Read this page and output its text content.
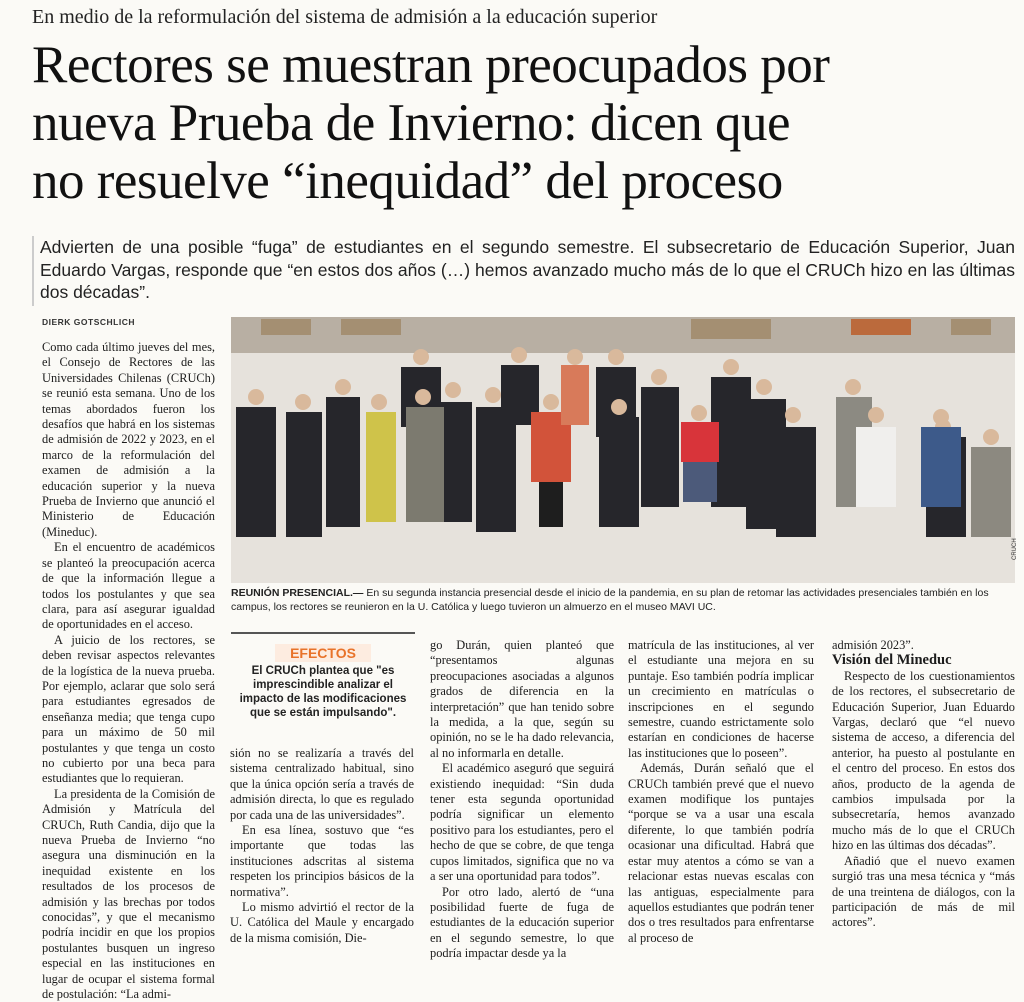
En medio de la reformulación del sistema de admisión a la educación superior
Rectores se muestran preocupados por
nueva Prueba de Invierno: dicen que
no resuelve “inequidad” del proceso
Advierten de una posible “fuga” de estudiantes en el segundo semestre. El subsecretario de Educación Superior, Juan Eduardo Vargas, responde que “en estos dos años (…) hemos avanzado mucho más de lo que el CRUCh hizo en las últimas dos décadas”.
DIERK GOTSCHLICH

Como cada último jueves del mes, el Consejo de Rectores de las Universidades Chilenas (CRUCh) se reunió esta semana. Uno de los temas abordados fueron los desafíos que habrá en los sistemas de admisión de 2022 y 2023, en el marco de la reformulación del examen de admisión a la educación superior y la nueva Prueba de Invierno que anunció el Ministerio de Educación (Mineduc).

En el encuentro de académicos se planteó la preocupación acerca de que la información llegue a todos los postulantes y que sea clara, para así asegurar igualdad de oportunidades en el acceso.

A juicio de los rectores, se deben revisar aspectos relevantes de la logística de la nueva prueba. Por ejemplo, aclarar que solo será para estudiantes egresados de enseñanza media; que tenga cupo para un máximo de 50 mil postulantes y que tenga un costo no cubierto por una beca para estudiantes que lo requieran.

La presidenta de la Comisión de Admisión y Matrícula del CRUCh, Ruth Candia, dijo que la nueva Prueba de Invierno “no asegura una disminución en la inequidad existente en los resultados de los procesos de admisión y las brechas por todos conocidas”, y que el mecanismo podría incidir en que los propios postulantes busquen un ingreso especial en las instituciones en lugar de ocupar el sistema formal de postulación: “La admi-

CRUCH
REUNIÓN PRESENCIAL.— En su segunda instancia presencial desde el inicio de la pandemia, en su plan de retomar las actividades presenciales también en los campus, los rectores se reunieron en la U. Católica y luego tuvieron un almuerzo en el museo MAVI UC.
EFECTOS
El CRUCh plantea que "es imprescindible analizar el impacto de las modificaciones que se están impulsando".

sión no se realizaría a través del sistema centralizado habitual, sino que la única opción sería a través de admisión directa, lo que es regulado por cada una de las universidades”.

En esa línea, sostuvo que “es importante que todas las instituciones adscritas al sistema respeten los principios básicos de la normativa”.

Lo mismo advirtió el rector de la U. Católica del Maule y encargado de la misma comisión, Die-

go Durán, quien planteó que “presentamos algunas preocupaciones asociadas a algunos grados de diferencia en la interpretación” que han tenido sobre la medida, a la que, según su opinión, no se le ha dado relevancia, al no informarla en detalle.

El académico aseguró que seguirá existiendo inequidad: “Sin duda tener esta segunda oportunidad podría significar un elemento positivo para los estudiantes, pero el hecho de que se cobre, de que tenga cupos limitados, significa que no va a ser una oportunidad para todos”.

Por otro lado, alertó de “una posibilidad fuerte de fuga de estudiantes de la educación superior en el segundo semestre, lo que podría impactar desde ya la

matrícula de las instituciones, al ver el estudiante una mejora en su puntaje. Eso también podría implicar un crecimiento en matrículas o inscripciones en el segundo semestre, cuando estrictamente solo estarían en condiciones de hacerse las instituciones que lo poseen”.

Además, Durán señaló que el CRUCh también prevé que el nuevo examen modifique los puntajes “porque se va a usar una escala diferente, lo que también podría ocasionar una dificultad. Habrá que estar muy atentos a cómo se van a relacionar estas nuevas escalas con las antiguas, especialmente para aquellos estudiantes que podrán tener dos o tres resultados para enfrentarse al proceso de

admisión 2023”.

Visión del Mineduc

Respecto de los cuestionamientos de los rectores, el subsecretario de Educación Superior, Juan Eduardo Vargas, declaró que “el nuevo sistema de acceso, a diferencia del anterior, ha puesto al postulante en el centro del proceso. En estos dos años, producto de la agenda de cambios impulsada por la subsecretaría, hemos avanzado mucho más de lo que el CRUCh hizo en las últimas dos décadas”.

Añadió que el nuevo examen surgió tras una mesa técnica y “más de una treintena de diálogos, con la participación de más de mil actores”.
